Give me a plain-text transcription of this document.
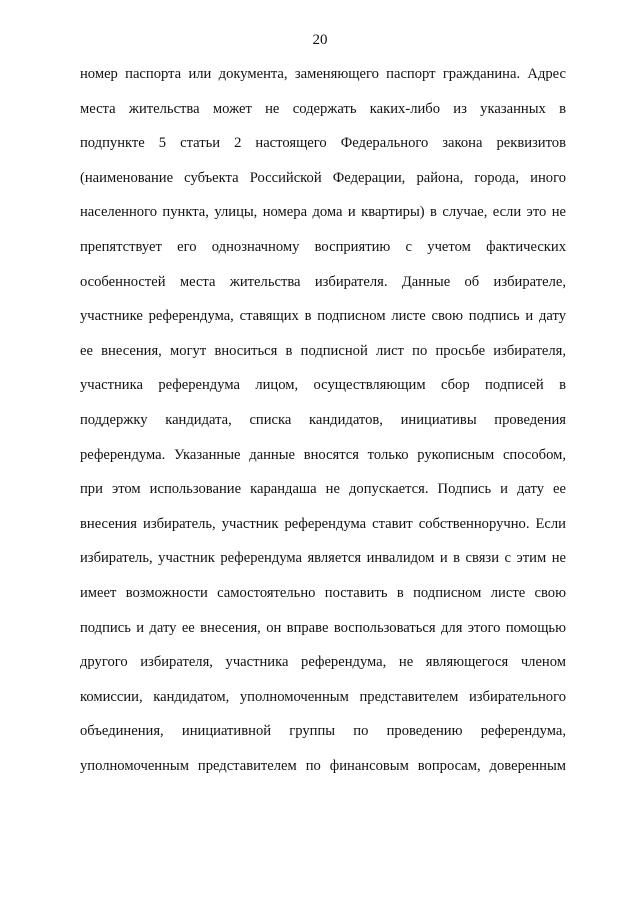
20
номер паспорта или документа, заменяющего паспорт гражданина. Адрес
места жительства может не содержать каких-либо из указанных в
подпункте 5 статьи 2 настоящего Федерального закона реквизитов
(наименование субъекта Российской Федерации, района, города, иного
населенного пункта, улицы, номера дома и квартиры) в случае, если это не
препятствует его однозначному восприятию с учетом фактических
особенностей места жительства избирателя. Данные об избирателе,
участнике референдума, ставящих в подписном листе свою подпись и дату
ее внесения, могут вноситься в подписной лист по просьбе избирателя,
участника референдума лицом, осуществляющим сбор подписей в
поддержку кандидата, списка кандидатов, инициативы проведения
референдума. Указанные данные вносятся только рукописным способом,
при этом использование карандаша не допускается. Подпись и дату ее
внесения избиратель, участник референдума ставит собственноручно. Если
избиратель, участник референдума является инвалидом и в связи с этим не
имеет возможности самостоятельно поставить в подписном листе свою
подпись и дату ее внесения, он вправе воспользоваться для этого помощью
другого избирателя, участника референдума, не являющегося членом
комиссии, кандидатом, уполномоченным представителем избирательного
объединения, инициативной группы по проведению референдума,
уполномоченным представителем по финансовым вопросам, доверенным
